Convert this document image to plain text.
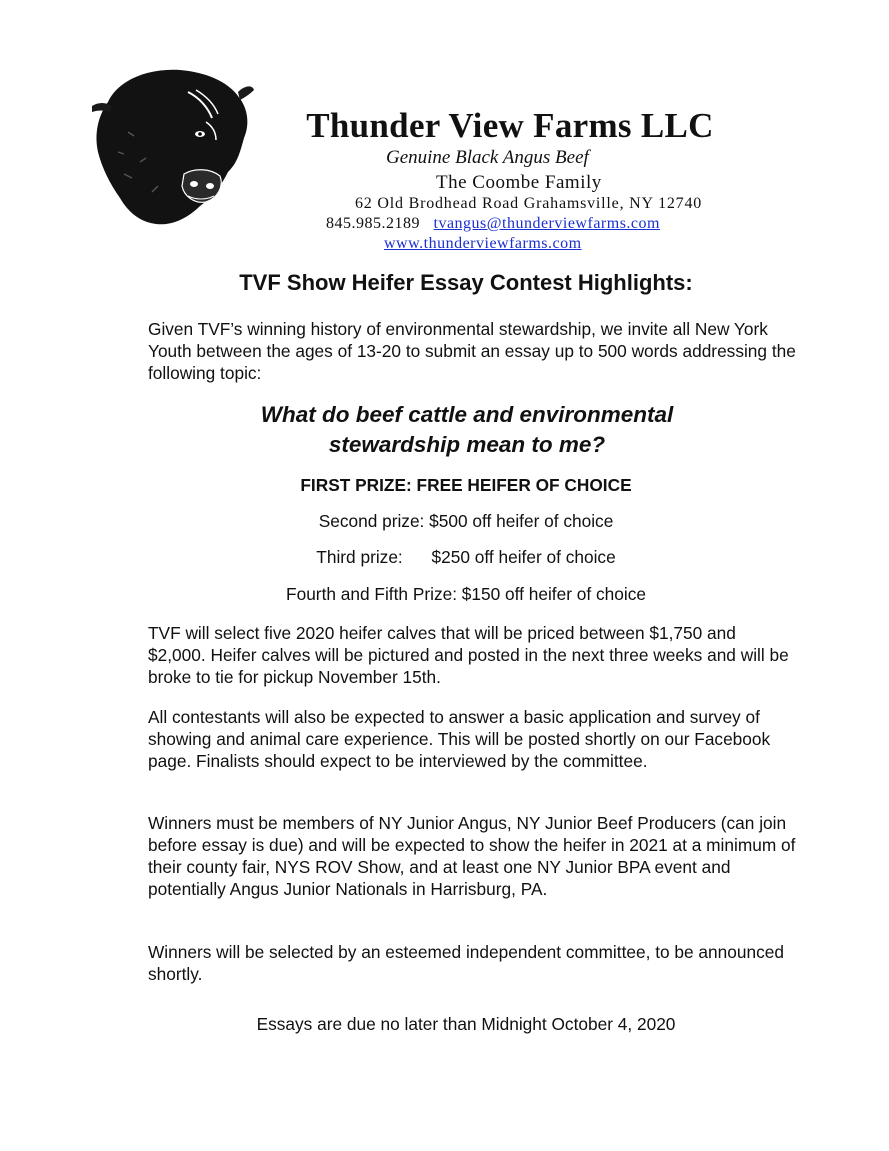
Thunder View Farms LLC
Genuine Black Angus Beef
The Coombe Family
62 Old Brodhead Road Grahamsville, NY 12740
845.985.2189 tvangus@thunderviewfarms.com
www.thunderviewfarms.com
TVF Show Heifer Essay Contest Highlights:

Given TVF’s winning history of environmental stewardship, we invite all New York Youth between the ages of 13-20 to submit an essay up to 500 words addressing the following topic:

What do beef cattle and environmental stewardship mean to me?

FIRST PRIZE: FREE HEIFER OF CHOICE

Second prize: $500 off heifer of choice

Third prize:      $250 off heifer of choice

Fourth and Fifth Prize: $150 off heifer of choice

TVF will select five 2020 heifer calves that will be priced between $1,750 and $2,000. Heifer calves will be pictured and posted in the next three weeks and will be broke to tie for pickup November 15th.

All contestants will also be expected to answer a basic application and survey of showing and animal care experience. This will be posted shortly on our Facebook page. Finalists should expect to be interviewed by the committee.

Winners must be members of NY Junior Angus, NY Junior Beef Producers (can join before essay is due) and will be expected to show the heifer in 2021 at a minimum of their county fair, NYS ROV Show, and at least one NY Junior BPA event and potentially Angus Junior Nationals in Harrisburg, PA.

Winners will be selected by an esteemed independent committee, to be announced shortly.

Essays are due no later than Midnight October 4, 2020
